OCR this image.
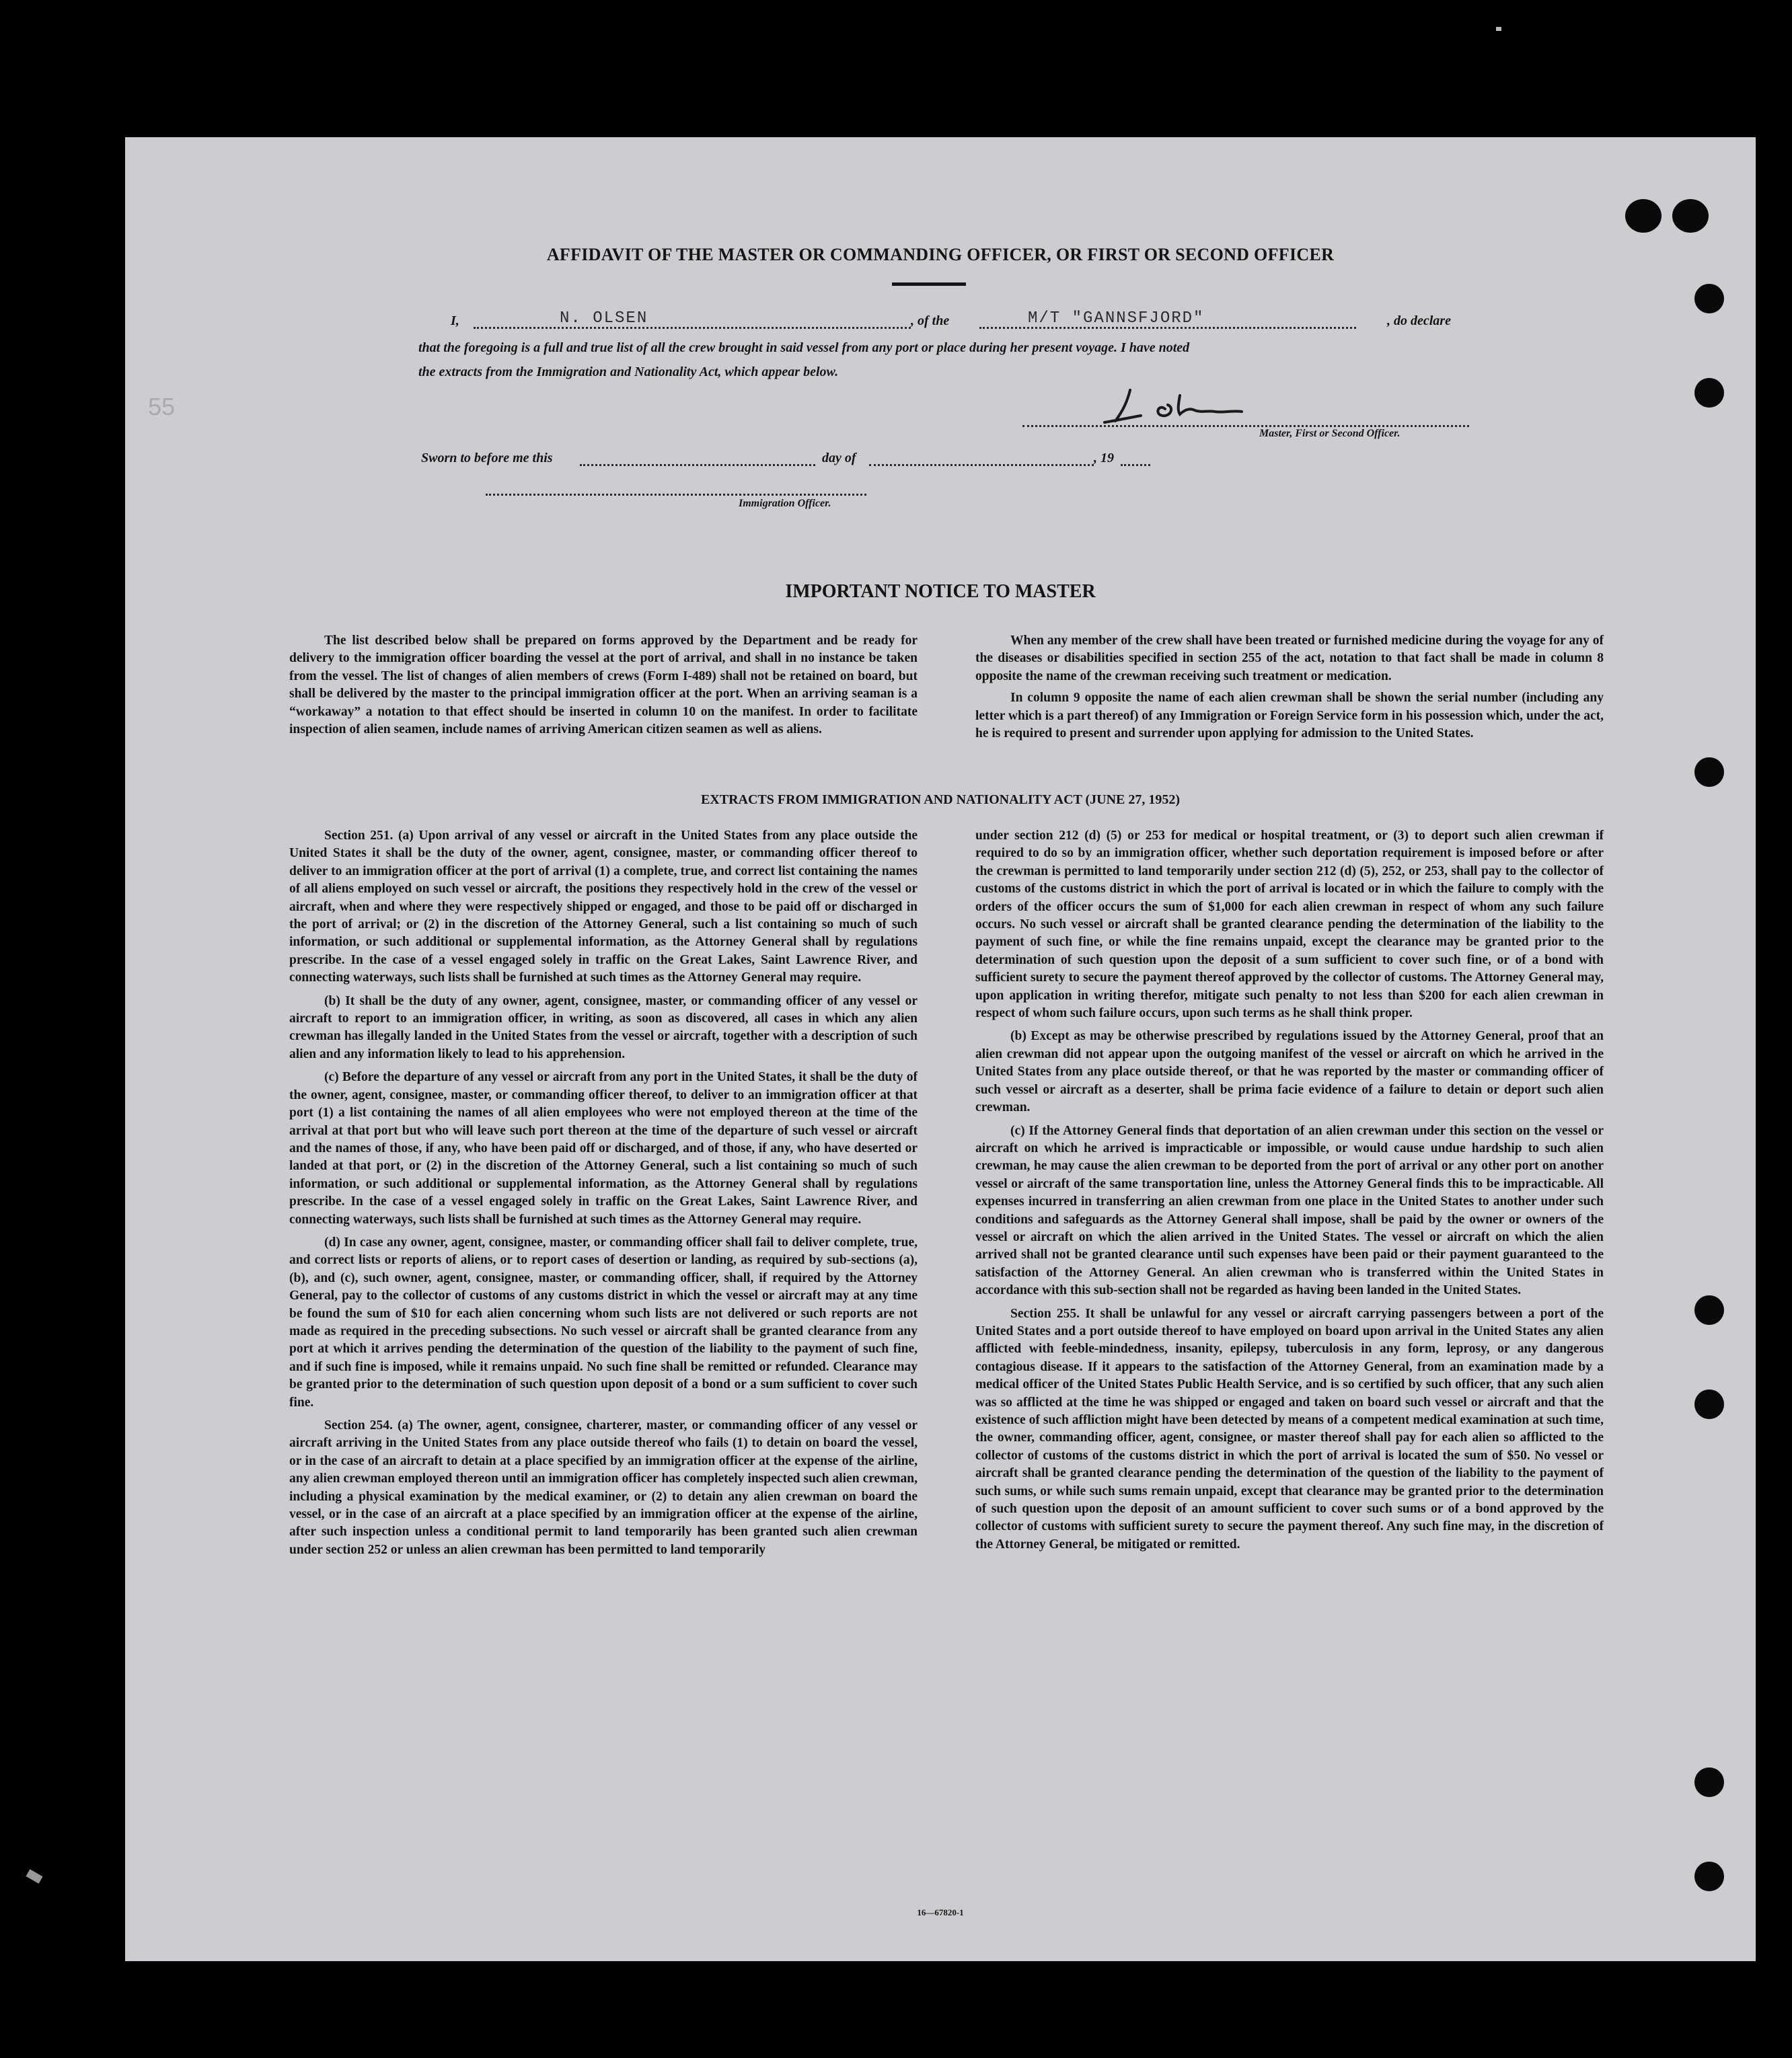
55
AFFIDAVIT OF THE MASTER OR COMMANDING OFFICER, OR FIRST OR SECOND OFFICER
I,	N. OLSEN	, of the	M/T "GANNSFJORD"	, do declare
that the foregoing is a full and true list of all the crew brought in said vessel from any port or place during her present voyage. I have noted
the extracts from the Immigration and Nationality Act, which appear below.
Master, First or Second Officer.
Sworn to before me this	day of	, 19
Immigration Officer.
IMPORTANT NOTICE TO MASTER

The list described below shall be prepared on forms approved by the Department and be ready for delivery to the immigration officer boarding the vessel at the port of arrival, and shall in no instance be taken from the vessel. The list of changes of alien members of crews (Form I-489) shall not be retained on board, but shall be delivered by the master to the principal immigration officer at the port. When an arriving seaman is a “workaway” a notation to that effect should be inserted in column 10 on the manifest. In order to facilitate inspection of alien seamen, include names of arriving American citizen seamen as well as aliens.

When any member of the crew shall have been treated or furnished medicine during the voyage for any of the diseases or disabilities specified in section 255 of the act, notation to that fact shall be made in column 8 opposite the name of the crewman receiving such treatment or medication.

In column 9 opposite the name of each alien crewman shall be shown the serial number (including any letter which is a part thereof) of any Immigration or Foreign Service form in his possession which, under the act, he is required to present and surrender upon applying for admission to the United States.

EXTRACTS FROM IMMIGRATION AND NATIONALITY ACT (JUNE 27, 1952)

Section 251. (a) Upon arrival of any vessel or aircraft in the United States from any place outside the United States it shall be the duty of the owner, agent, consignee, master, or commanding officer thereof to deliver to an immigration officer at the port of arrival (1) a complete, true, and correct list containing the names of all aliens employed on such vessel or aircraft, the positions they respectively hold in the crew of the vessel or aircraft, when and where they were respectively shipped or engaged, and those to be paid off or discharged in the port of arrival; or (2) in the discretion of the Attorney General, such a list containing so much of such information, or such additional or supplemental information, as the Attorney General shall by regulations prescribe. In the case of a vessel engaged solely in traffic on the Great Lakes, Saint Lawrence River, and connecting waterways, such lists shall be furnished at such times as the Attorney General may require.

(b) It shall be the duty of any owner, agent, consignee, master, or commanding officer of any vessel or aircraft to report to an immigration officer, in writing, as soon as discovered, all cases in which any alien crewman has illegally landed in the United States from the vessel or aircraft, together with a description of such alien and any information likely to lead to his apprehension.

(c) Before the departure of any vessel or aircraft from any port in the United States, it shall be the duty of the owner, agent, consignee, master, or commanding officer thereof, to deliver to an immigration officer at that port (1) a list containing the names of all alien employees who were not employed thereon at the time of the arrival at that port but who will leave such port thereon at the time of the departure of such vessel or aircraft and the names of those, if any, who have been paid off or discharged, and of those, if any, who have deserted or landed at that port, or (2) in the discretion of the Attorney General, such a list containing so much of such information, or such additional or supplemental information, as the Attorney General shall by regulations prescribe. In the case of a vessel engaged solely in traffic on the Great Lakes, Saint Lawrence River, and connecting waterways, such lists shall be furnished at such times as the Attorney General may require.

(d) In case any owner, agent, consignee, master, or commanding officer shall fail to deliver complete, true, and correct lists or reports of aliens, or to report cases of desertion or landing, as required by sub-sections (a), (b), and (c), such owner, agent, consignee, master, or commanding officer, shall, if required by the Attorney General, pay to the collector of customs of any customs district in which the vessel or aircraft may at any time be found the sum of $10 for each alien concerning whom such lists are not delivered or such reports are not made as required in the preceding subsections. No such vessel or aircraft shall be granted clearance from any port at which it arrives pending the determination of the question of the liability to the payment of such fine, and if such fine is imposed, while it remains unpaid. No such fine shall be remitted or refunded. Clearance may be granted prior to the determination of such question upon deposit of a bond or a sum sufficient to cover such fine.

Section 254. (a) The owner, agent, consignee, charterer, master, or commanding officer of any vessel or aircraft arriving in the United States from any place outside thereof who fails (1) to detain on board the vessel, or in the case of an aircraft to detain at a place specified by an immigration officer at the expense of the airline, any alien crewman employed thereon until an immigration officer has completely inspected such alien crewman, including a physical examination by the medical examiner, or (2) to detain any alien crewman on board the vessel, or in the case of an aircraft at a place specified by an immigration officer at the expense of the airline, after such inspection unless a conditional permit to land temporarily has been granted such alien crewman under section 252 or unless an alien crewman has been permitted to land temporarily

under section 212 (d) (5) or 253 for medical or hospital treatment, or (3) to deport such alien crewman if required to do so by an immigration officer, whether such deportation requirement is imposed before or after the crewman is permitted to land temporarily under section 212 (d) (5), 252, or 253, shall pay to the collector of customs of the customs district in which the port of arrival is located or in which the failure to comply with the orders of the officer occurs the sum of $1,000 for each alien crewman in respect of whom any such failure occurs. No such vessel or aircraft shall be granted clearance pending the determination of the liability to the payment of such fine, or while the fine remains unpaid, except the clearance may be granted prior to the determination of such question upon the deposit of a sum sufficient to cover such fine, or of a bond with sufficient surety to secure the payment thereof approved by the collector of customs. The Attorney General may, upon application in writing therefor, mitigate such penalty to not less than $200 for each alien crewman in respect of whom such failure occurs, upon such terms as he shall think proper.

(b) Except as may be otherwise prescribed by regulations issued by the Attorney General, proof that an alien crewman did not appear upon the outgoing manifest of the vessel or aircraft on which he arrived in the United States from any place outside thereof, or that he was reported by the master or commanding officer of such vessel or aircraft as a deserter, shall be prima facie evidence of a failure to detain or deport such alien crewman.

(c) If the Attorney General finds that deportation of an alien crewman under this section on the vessel or aircraft on which he arrived is impracticable or impossible, or would cause undue hardship to such alien crewman, he may cause the alien crewman to be deported from the port of arrival or any other port on another vessel or aircraft of the same transportation line, unless the Attorney General finds this to be impracticable. All expenses incurred in transferring an alien crewman from one place in the United States to another under such conditions and safeguards as the Attorney General shall impose, shall be paid by the owner or owners of the vessel or aircraft on which the alien arrived in the United States. The vessel or aircraft on which the alien arrived shall not be granted clearance until such expenses have been paid or their payment guaranteed to the satisfaction of the Attorney General. An alien crewman who is transferred within the United States in accordance with this sub-section shall not be regarded as having been landed in the United States.

Section 255. It shall be unlawful for any vessel or aircraft carrying passengers between a port of the United States and a port outside thereof to have employed on board upon arrival in the United States any alien afflicted with feeble-mindedness, insanity, epilepsy, tuberculosis in any form, leprosy, or any dangerous contagious disease. If it appears to the satisfaction of the Attorney General, from an examination made by a medical officer of the United States Public Health Service, and is so certified by such officer, that any such alien was so afflicted at the time he was shipped or engaged and taken on board such vessel or aircraft and that the existence of such affliction might have been detected by means of a competent medical examination at such time, the owner, commanding officer, agent, consignee, or master thereof shall pay for each alien so afflicted to the collector of customs of the customs district in which the port of arrival is located the sum of $50. No vessel or aircraft shall be granted clearance pending the determination of the question of the liability to the payment of such sums, or while such sums remain unpaid, except that clearance may be granted prior to the determination of such question upon the deposit of an amount sufficient to cover such sums or of a bond approved by the collector of customs with sufficient surety to secure the payment thereof. Any such fine may, in the discretion of the Attorney General, be mitigated or remitted.

16—67820-1
